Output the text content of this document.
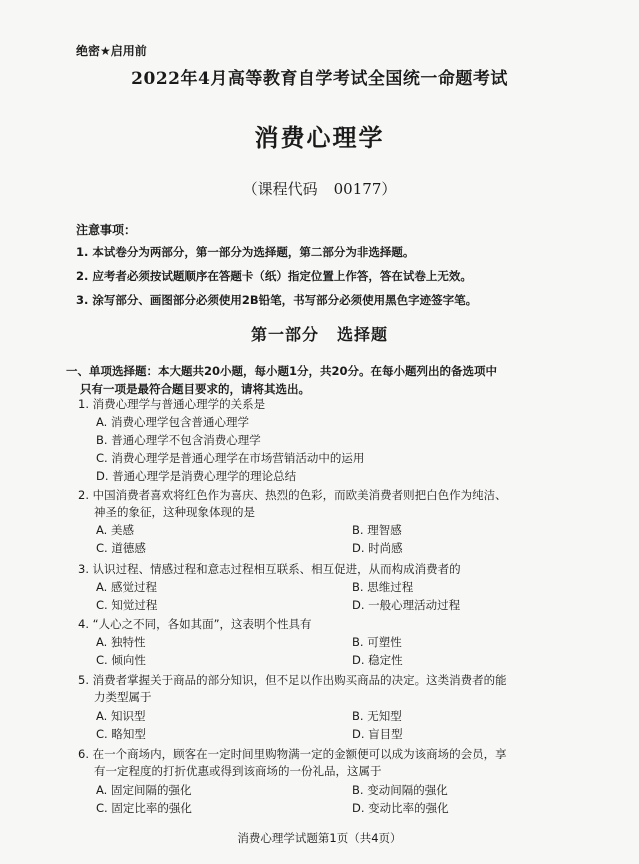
绝密★启用前
2022年4月高等教育自学考试全国统一命题考试
消费心理学
（课程代码 00177）
注意事项：
1. 本试卷分为两部分，第一部分为选择题，第二部分为非选择题。
2. 应考者必须按试题顺序在答题卡（纸）指定位置上作答，答在试卷上无效。
3. 涂写部分、画图部分必须使用2B铅笔，书写部分必须使用黑色字迹签字笔。
第一部分 选择题
一、单项选择题：本大题共20小题，每小题1分，共20分。在每小题列出的备选项中
只有一项是最符合题目要求的，请将其选出。
1. 消费心理学与普通心理学的关系是
A. 消费心理学包含普通心理学
B. 普通心理学不包含消费心理学
C. 消费心理学是普通心理学在市场营销活动中的运用
D. 普通心理学是消费心理学的理论总结
2. 中国消费者喜欢将红色作为喜庆、热烈的色彩，而欧美消费者则把白色作为纯洁、
神圣的象征，这种现象体现的是
A. 美感	B. 理智感
C. 道德感	D. 时尚感
3. 认识过程、情感过程和意志过程相互联系、相互促进，从而构成消费者的
A. 感觉过程	B. 思维过程
C. 知觉过程	D. 一般心理活动过程
4. “人心之不同，各如其面”，这表明个性具有
A. 独特性	B. 可塑性
C. 倾向性	D. 稳定性
5. 消费者掌握关于商品的部分知识，但不足以作出购买商品的决定。这类消费者的能
力类型属于
A. 知识型	B. 无知型
C. 略知型	D. 盲目型
6. 在一个商场内，顾客在一定时间里购物满一定的金额便可以成为该商场的会员，享
有一定程度的打折优惠或得到该商场的一份礼品，这属于
A. 固定间隔的强化	B. 变动间隔的强化
C. 固定比率的强化	D. 变动比率的强化
消费心理学试题第1页（共4页）
